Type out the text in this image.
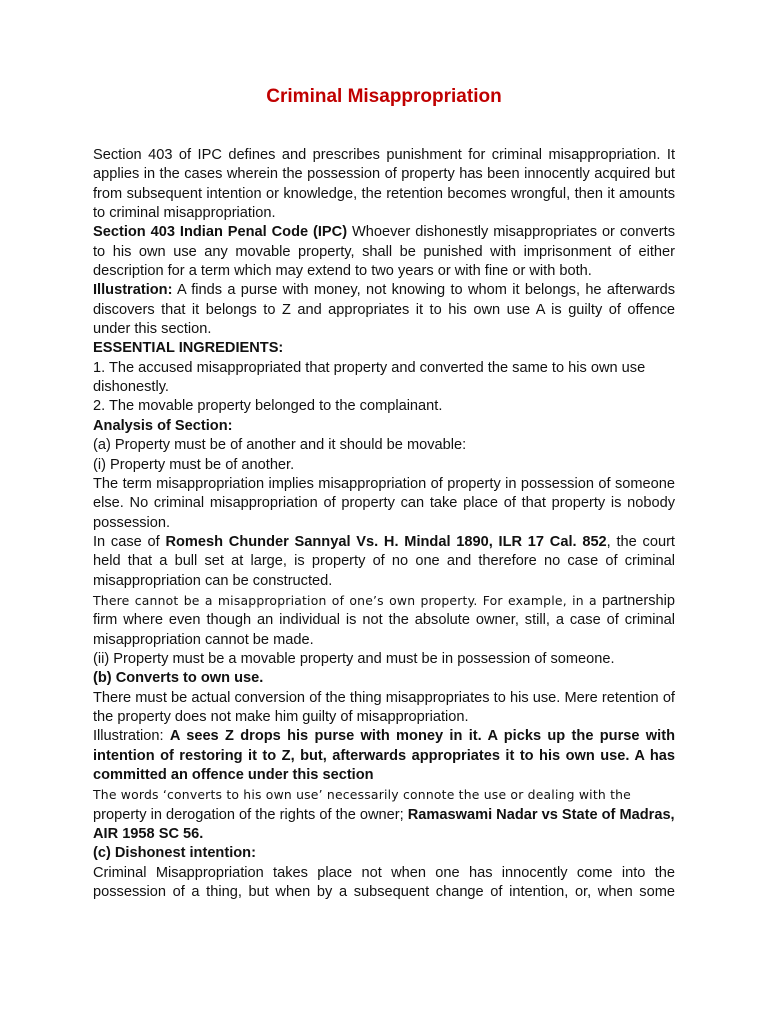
Criminal Misappropriation

Section 403 of IPC defines and prescribes punishment for criminal misappropriation. It applies in the cases wherein the possession of property has been innocently acquired but from subsequent intention or knowledge, the retention becomes wrongful, then it amounts to criminal misappropriation.

Section 403 Indian Penal Code (IPC) Whoever dishonestly misappropriates or converts to his own use any movable property, shall be punished with imprisonment of either description for a term which may extend to two years or with fine or with both.

Illustration: A finds a purse with money, not knowing to whom it belongs, he afterwards discovers that it belongs to Z and appropriates it to his own use A is guilty of offence under this section.

ESSENTIAL INGREDIENTS:

1. The accused misappropriated that property and converted the same to his own use dishonestly.

2. The movable property belonged to the complainant.

Analysis of Section:

(a) Property must be of another and it should be movable:

(i) Property must be of another.

The term misappropriation implies misappropriation of property in possession of someone else. No criminal misappropriation of property can take place of that property is nobody possession.

In case of Romesh Chunder Sannyal Vs. H. Mindal 1890, ILR 17 Cal. 852, the court held that a bull set at large, is property of no one and therefore no case of criminal misappropriation can be constructed.

There cannot be a misappropriation of one’s own property. For example, in a partnership firm where even though an individual is not the absolute owner, still, a case of criminal misappropriation cannot be made.

(ii) Property must be a movable property and must be in possession of someone.

(b) Converts to own use.

There must be actual conversion of the thing misappropriates to his use. Mere retention of the property does not make him guilty of misappropriation.

Illustration: A sees Z drops his purse with money in it. A picks up the purse with intention of restoring it to Z, but, afterwards appropriates it to his own use. A has committed an offence under this section

The words ‘converts to his own use’ necessarily connote the use or dealing with the property in derogation of the rights of the owner; Ramaswami Nadar vs State of Madras, AIR 1958 SC 56.

(c) Dishonest intention:

Criminal Misappropriation takes place not when one has innocently come into the possession of a thing, but when by a subsequent change of intention, or, when some
